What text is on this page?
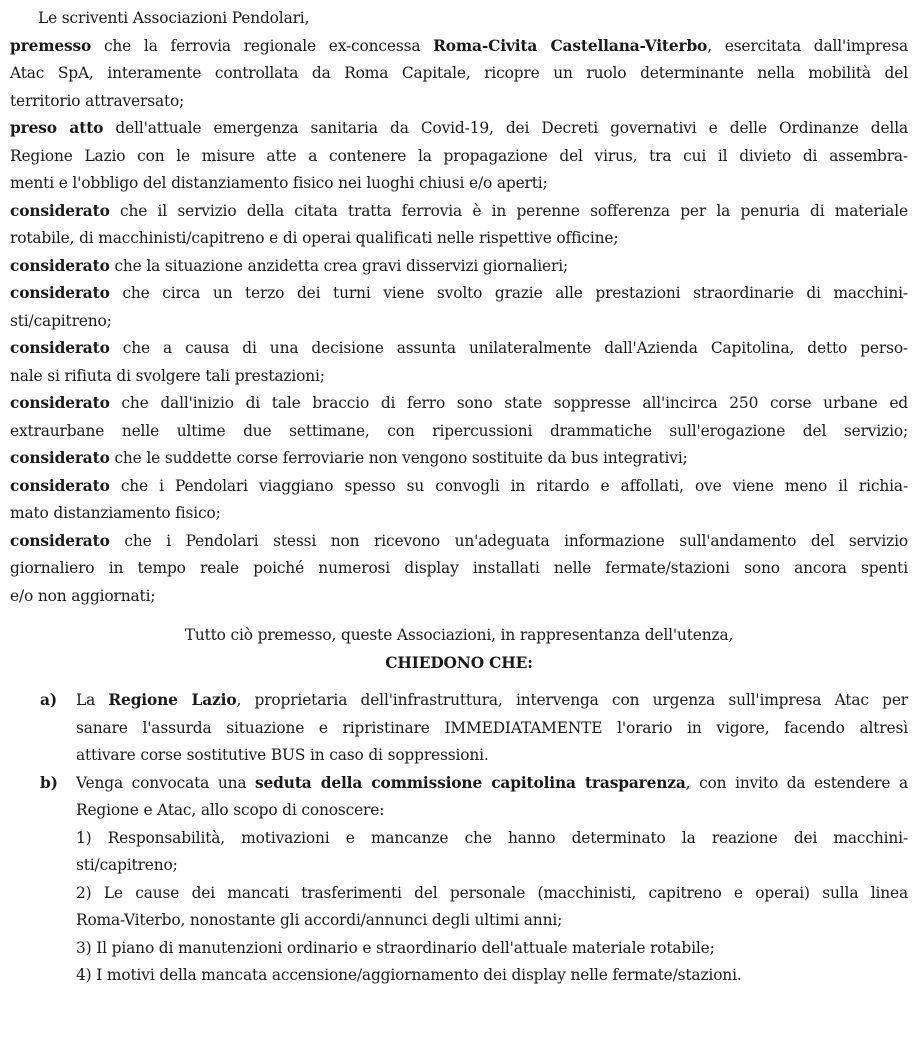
Le scriventi Associazioni Pendolari,
premesso che la ferrovia regionale ex-concessa Roma-Civita Castellana-Viterbo, esercitata dall'impresa
Atac SpA, interamente controllata da Roma Capitale, ricopre un ruolo determinante nella mobilità del
territorio attraversato;
preso atto dell'attuale emergenza sanitaria da Covid-19, dei Decreti governativi e delle Ordinanze della
Regione Lazio con le misure atte a contenere la propagazione del virus, tra cui il divieto di assembra-
menti e l'obbligo del distanziamento fisico nei luoghi chiusi e/o aperti;
considerato che il servizio della citata tratta ferrovia è in perenne sofferenza per la penuria di materiale
rotabile, di macchinisti/capitreno e di operai qualificati nelle rispettive officine;
considerato che la situazione anzidetta crea gravi disservizi giornalieri;
considerato che circa un terzo dei turni viene svolto grazie alle prestazioni straordinarie di macchini-
sti/capitreno;
considerato che a causa di una decisione assunta unilateralmente dall'Azienda Capitolina, detto perso-
nale si rifiuta di svolgere tali prestazioni;
considerato che dall'inizio di tale braccio di ferro sono state soppresse all'incirca 250 corse urbane ed
extraurbane nelle ultime due settimane, con ripercussioni drammatiche sull'erogazione del servizio;
considerato che le suddette corse ferroviarie non vengono sostituite da bus integrativi;
considerato che i Pendolari viaggiano spesso su convogli in ritardo e affollati, ove viene meno il richia-
mato distanziamento fisico;
considerato che i Pendolari stessi non ricevono un'adeguata informazione sull'andamento del servizio
giornaliero in tempo reale poiché numerosi display installati nelle fermate/stazioni sono ancora spenti
e/o non aggiornati;
Tutto ciò premesso, queste Associazioni, in rappresentanza dell'utenza,
CHIEDONO CHE:
a) La Regione Lazio, proprietaria dell'infrastruttura, intervenga con urgenza sull'impresa Atac per
sanare l'assurda situazione e ripristinare IMMEDIATAMENTE l'orario in vigore, facendo altresì
attivare corse sostitutive BUS in caso di soppressioni.
b) Venga convocata una seduta della commissione capitolina trasparenza, con invito da estendere a
Regione e Atac, allo scopo di conoscere:
1) Responsabilità, motivazioni e mancanze che hanno determinato la reazione dei macchini-
sti/capitreno;
2) Le cause dei mancati trasferimenti del personale (macchinisti, capitreno e operai) sulla linea
Roma-Viterbo, nonostante gli accordi/annunci degli ultimi anni;
3) Il piano di manutenzioni ordinario e straordinario dell'attuale materiale rotabile;
4) I motivi della mancata accensione/aggiornamento dei display nelle fermate/stazioni.
